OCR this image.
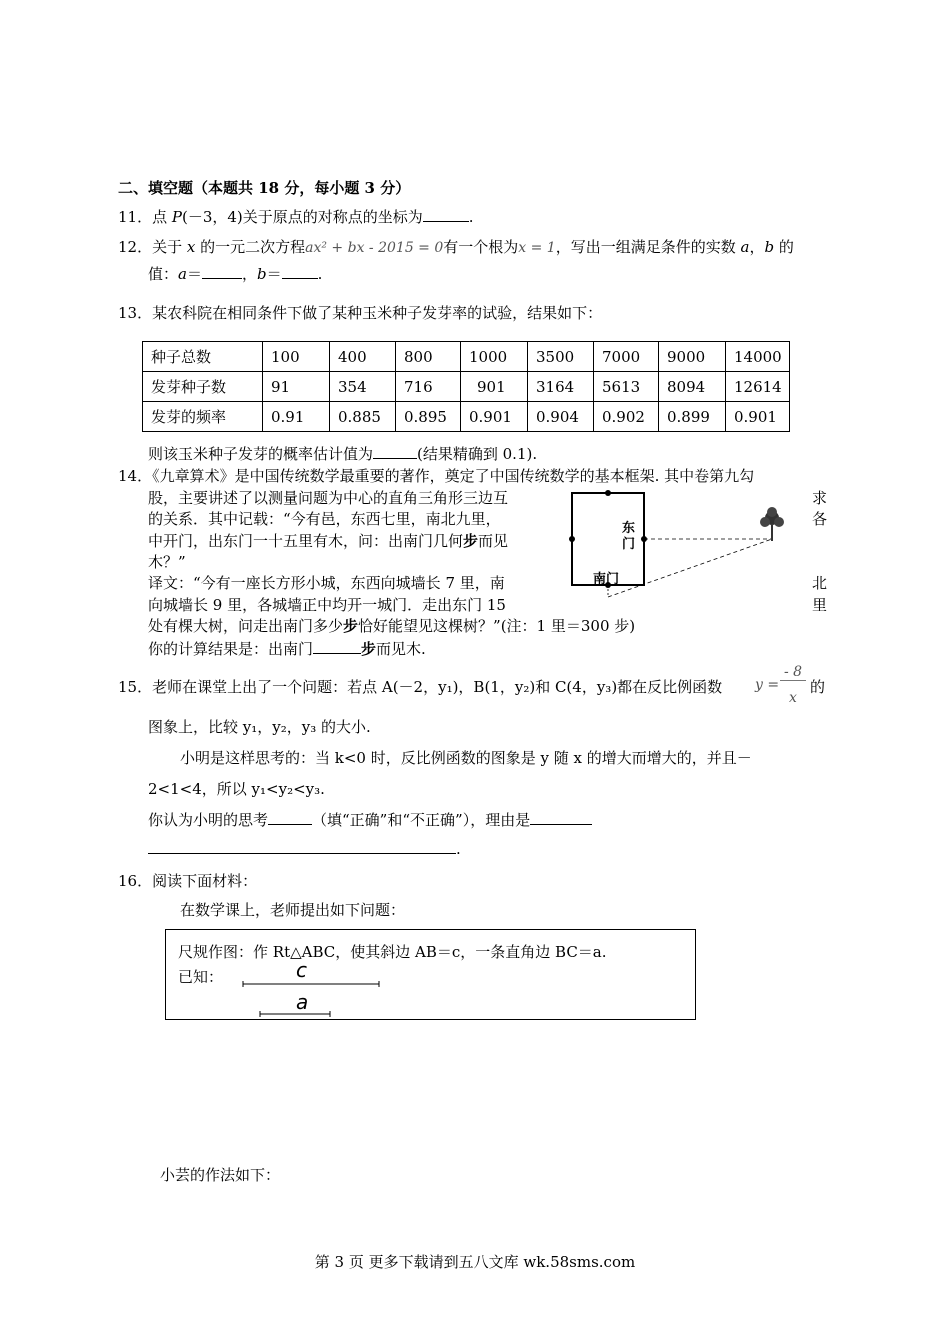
二、填空题（本题共 18 分，每小题 3 分）
11．点 P(－3，4)关于原点的对称点的坐标为	.
12．关于 x 的一元二次方程ax² + bx - 2015 = 0有一个根为x = 1，写出一组满足条件的实数 a，b 的
值：a＝	，b＝ .
13．某农科院在相同条件下做了某种玉米种子发芽率的试验，结果如下：
种子总数	100	400	800	1000	3500	7000	9000	14000
发芽种子数	91	354	716	901	3164	5613	8094	12614
发芽的频率	0.91	0.885	0.895	0.901	0.904	0.902	0.899	0.901
则该玉米种子发芽的概率估计值为	(结果精确到 0.1).
14．《九章算术》是中国传统数学最重要的著作，奠定了中国传统数学的基本框架. 其中卷第九勾
股，主要讲述了以测量问题为中心的直角三角形三边互	求
的关系．其中记载：“今有邑，东西七里，南北九里，	各
中开门，出东门一十五里有木，问：出南门几何步而见
木？”
译文：“今有一座长方形小城，东西向城墙长 7 里，南	北
向城墙长 9 里，各城墙正中均开一城门．走出东门 15	里
处有棵大树，问走出南门多少步恰好能望见这棵树？”(注：1 里＝300 步)
你的计算结果是：出南门	步而见木.
东门
南门
15．老师在课堂上出了一个问题：若点 A(－2，y₁)，B(1，y₂)和 C(4，y₃)都在反比例函数 y =
- 8
x
的
图象上，比较 y₁，y₂，y₃ 的大小.
小明是这样思考的：当 k<0 时，反比例函数的图象是 y 随 x 的增大而增大的，并且－
2<1<4，所以 y₁<y₂<y₃.
你认为小明的思考	（填“正确”和“不正确”），理由是
.
16．阅读下面材料：
在数学课上，老师提出如下问题：
尺规作图：作 Rt△ABC，使其斜边 AB＝c，一条直角边 BC＝a.
已知：	c
a
小芸的作法如下：
第 3 页 更多下载请到五八文库 wk.58sms.com
